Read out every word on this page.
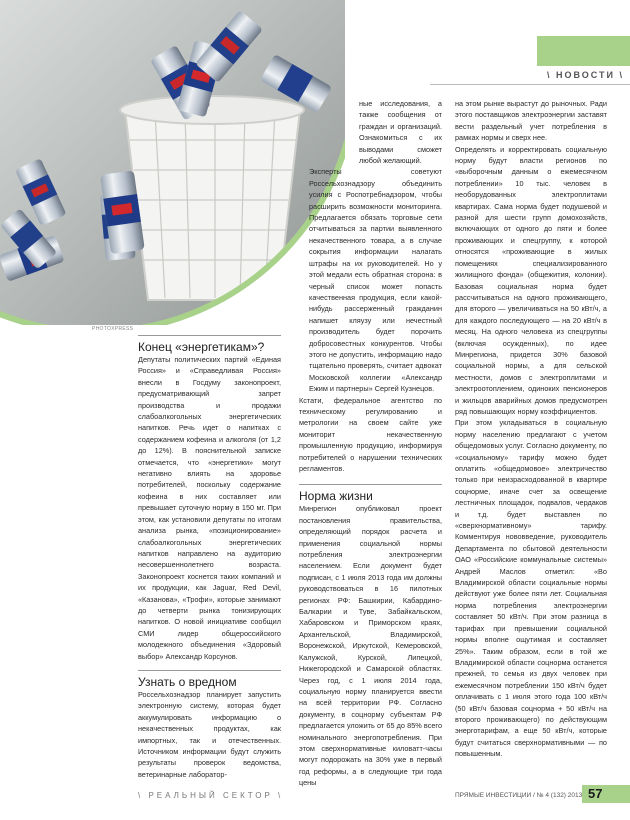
\ НОВОСТИ \
PHOTOXPRESS
Конец «энергетикам»?

Депутаты политических партий «Единая Россия» и «Справедливая Россия» внесли в Госдуму законопроект, предусматривающий запрет производства и продажи слабоалкогольных энергетических напитков. Речь идет о напитках с содержанием кофеина и алкоголя (от 1,2 до 12%). В пояснительной записке отмечается, что «энергетики» могут негативно влиять на здоровье потребителей, поскольку содержание кофеина в них составляет или превышает суточную норму в 150 мг. При этом, как установили депутаты по итогам анализа рынка, «позиционирование» слабоалкогольных энергетических напитков направлено на аудиторию несовершеннолетнего возраста. Законопроект коснется таких компаний и их продукции, как Jaguar, Red Devil, «Казанова», «Трофи», которые занимают до четверти рынка тонизирующих напитков. О новой инициативе сообщил СМИ лидер общероссийского молодежного объединения «Здоровый выбор» Александр Корсунов.

Узнать о вредном

Россельхознадзор планирует запустить электронную систему, которая будет аккумулировать информацию о некачественных продуктах, как импортных, так и отечественных. Источником информации будут служить результаты проверок ведомства, ветеринарные лаборатор-

ные исследования, а также сообщения от граждан и организаций. Ознакомиться с их выводами сможет любой желающий.

Эксперты советуют Россельхознадзору объединить усилия с Роспотребнадзором, чтобы расширить возможности мониторинга. Предлагается обязать торговые сети отчитываться за партии выявленного некачественного товара, а в случае сокрытия информации налагать штрафы на их руководителей. Но у этой медали есть обратная сторона: в черный список может попасть качественная продукция, если какой-нибудь рассерженный гражданин напишет кляузу или нечестный производитель будет порочить добросовестных конкурентов. Чтобы этого не допустить, информацию надо тщательно проверять, считает адвокат Московской коллегии «Александр Ежим и партнеры» Сергей Кузнецов.

Кстати, федеральное агентство по техническому регулированию и метрологии на своем сайте уже мониторит некачественную промышленную продукцию, информируя потребителей о нарушении технических регламентов.

Норма жизни

Минрегион опубликовал проект постановления правительства, определяющий порядок расчета и применения социальной нормы потребления электроэнергии населением. Если документ будет подписан, с 1 июля 2013 года им должны руководствоваться в 16 пилотных регионах РФ: Башкирии, Кабардино-Балкарии и Туве, Забайкальском, Хабаровском и Приморском краях, Архангельской, Владимирской, Воронежской, Иркутской, Кемеровской, Калужской, Курской, Липецкой, Нижегородской и Самарской областях. Через год, с 1 июля 2014 года, социальную норму планируется ввести на всей территории РФ. Согласно документу, в соцнорму субъектам РФ предлагается уложить от 65 до 85% всего номинального энергопотребления. При этом сверхнормативные киловатт-часы могут подорожать на 30% уже в первый год реформы, а в следующие три года цены

на этом рынке вырастут до рыночных. Ради этого поставщиков электроэнергии заставят вести раздельный учет потребления в рамках нормы и сверх нее.

Определять и корректировать социальную норму будут власти регионов по «выборочным данным о ежемесячном потреблении» 10 тыс. человек в необорудованных электроплитами квартирах. Сама норма будет подушевой и разной для шести групп домохозяйств, включающих от одного до пяти и более проживающих и спецгруппу, к которой относятся «проживающие в жилых помещениях специализированного жилищного фонда» (общежития, колонии). Базовая социальная норма будет рассчитываться на одного проживающего, для второго — увеличиваться на 50 кВт/ч, а для каждого последующего — на 20 кВт/ч в месяц. На одного человека из спецгруппы (включая осужденных), по идее Минрегиона, придется 30% базовой социальной нормы, а для сельской местности, домов с электроплитами и электроотоплением, одиноких пенсионеров и жильцов аварийных домов предусмотрен ряд повышающих норму коэффициентов.

При этом укладываться в социальную норму населению предлагают с учетом общедомовых услуг. Согласно документу, по «социальному» тарифу можно будет оплатить «общедомовое» электричество только при неизрасходованной в квартире соцнорме, иначе счет за освещение лестничных площадок, подвалов, чердаков и т.д. будет выставлен по «сверхнормативному» тарифу. Комментируя нововведение, руководитель Департамента по сбытовой деятельности ОАО «Российские коммунальные системы» Андрей Маслов отметил: «Во Владимирской области социальные нормы действуют уже более пяти лет. Социальная норма потребления электроэнергии составляет 50 кВт/ч. При этом разница в тарифах при превышении социальной нормы вполне ощутимая и составляет 25%». Таким образом, если в той же Владимирской области соцнорма останется прежней, то семья из двух человек при ежемесячном потреблении 150 кВт/ч будет оплачивать с 1 июля этого года 100 кВт/ч (50 кВт/ч базовая соцнорма + 50 кВт/ч на второго проживающего) по действующим энерготарифам, а еще 50 кВт/ч, которые будут считаться сверхнормативными — по повышенным.

\ РЕАЛЬНЫЙ СЕКТОР \	ПРЯМЫЕ ИНВЕСТИЦИИ / № 4 (132) 2013 57
